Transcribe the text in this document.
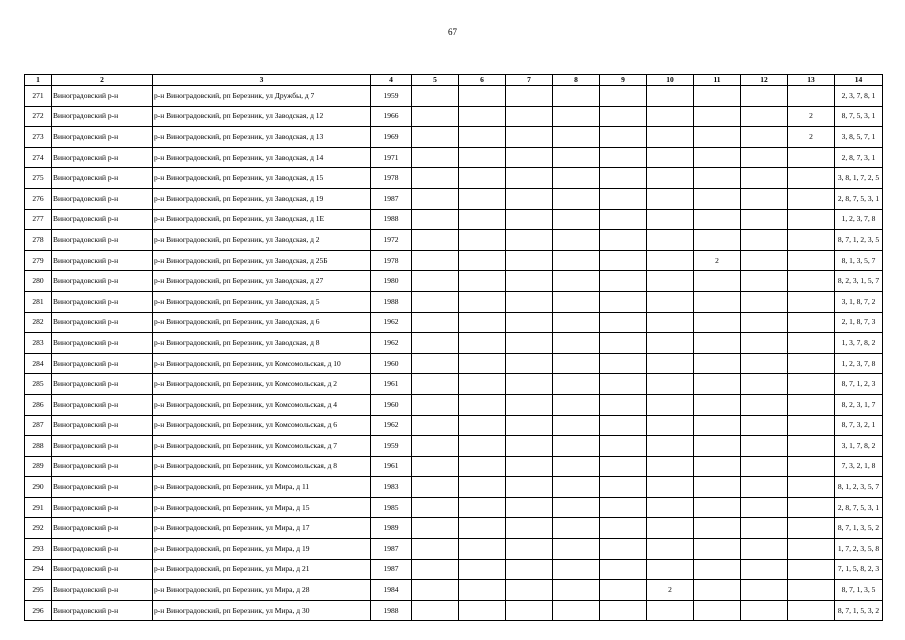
67
1	2	3	4	5	6	7	8	9	10	11	12	13	14
271	Виноградовский р-н	р-н Виноградовский, рп Березник, ул Дружбы, д 7	1959										2, 3, 7, 8, 1
272	Виноградовский р-н	р-н Виноградовский, рп Березник, ул Заводская, д 12	1966									2	8, 7, 5, 3, 1
273	Виноградовский р-н	р-н Виноградовский, рп Березник, ул Заводская, д 13	1969									2	3, 8, 5, 7, 1
274	Виноградовский р-н	р-н Виноградовский, рп Березник, ул Заводская, д 14	1971										2, 8, 7, 3, 1
275	Виноградовский р-н	р-н Виноградовский, рп Березник, ул Заводская, д 15	1978										3, 8, 1, 7, 2, 5
276	Виноградовский р-н	р-н Виноградовский, рп Березник, ул Заводская, д 19	1987										2, 8, 7, 5, 3, 1
277	Виноградовский р-н	р-н Виноградовский, рп Березник, ул Заводская, д 1Е	1988										1, 2, 3, 7, 8
278	Виноградовский р-н	р-н Виноградовский, рп Березник, ул Заводская, д 2	1972										8, 7, 1, 2, 3, 5
279	Виноградовский р-н	р-н Виноградовский, рп Березник, ул Заводская, д 25Б	1978							2			8, 1, 3, 5, 7
280	Виноградовский р-н	р-н Виноградовский, рп Березник, ул Заводская, д 27	1980										8, 2, 3, 1, 5, 7
281	Виноградовский р-н	р-н Виноградовский, рп Березник, ул Заводская, д 5	1988										3, 1, 8, 7, 2
282	Виноградовский р-н	р-н Виноградовский, рп Березник, ул Заводская, д 6	1962										2, 1, 8, 7, 3
283	Виноградовский р-н	р-н Виноградовский, рп Березник, ул Заводская, д 8	1962										1, 3, 7, 8, 2
284	Виноградовский р-н	р-н Виноградовский, рп Березник, ул Комсомольская, д 10	1960										1, 2, 3, 7, 8
285	Виноградовский р-н	р-н Виноградовский, рп Березник, ул Комсомольская, д 2	1961										8, 7, 1, 2, 3
286	Виноградовский р-н	р-н Виноградовский, рп Березник, ул Комсомольская, д 4	1960										8, 2, 3, 1, 7
287	Виноградовский р-н	р-н Виноградовский, рп Березник, ул Комсомольская, д 6	1962										8, 7, 3, 2, 1
288	Виноградовский р-н	р-н Виноградовский, рп Березник, ул Комсомольская, д 7	1959										3, 1, 7, 8, 2
289	Виноградовский р-н	р-н Виноградовский, рп Березник, ул Комсомольская, д 8	1961										7, 3, 2, 1, 8
290	Виноградовский р-н	р-н Виноградовский, рп Березник, ул Мира, д 11	1983										8, 1, 2, 3, 5, 7
291	Виноградовский р-н	р-н Виноградовский, рп Березник, ул Мира, д 15	1985										2, 8, 7, 5, 3, 1
292	Виноградовский р-н	р-н Виноградовский, рп Березник, ул Мира, д 17	1989										8, 7, 1, 3, 5, 2
293	Виноградовский р-н	р-н Виноградовский, рп Березник, ул Мира, д 19	1987										1, 7, 2, 3, 5, 8
294	Виноградовский р-н	р-н Виноградовский, рп Березник, ул Мира, д 21	1987										7, 1, 5, 8, 2, 3
295	Виноградовский р-н	р-н Виноградовский, рп Березник, ул Мира, д 28	1984						2				8, 7, 1, 3, 5
296	Виноградовский р-н	р-н Виноградовский, рп Березник, ул Мира, д 30	1988										8, 7, 1, 5, 3, 2
